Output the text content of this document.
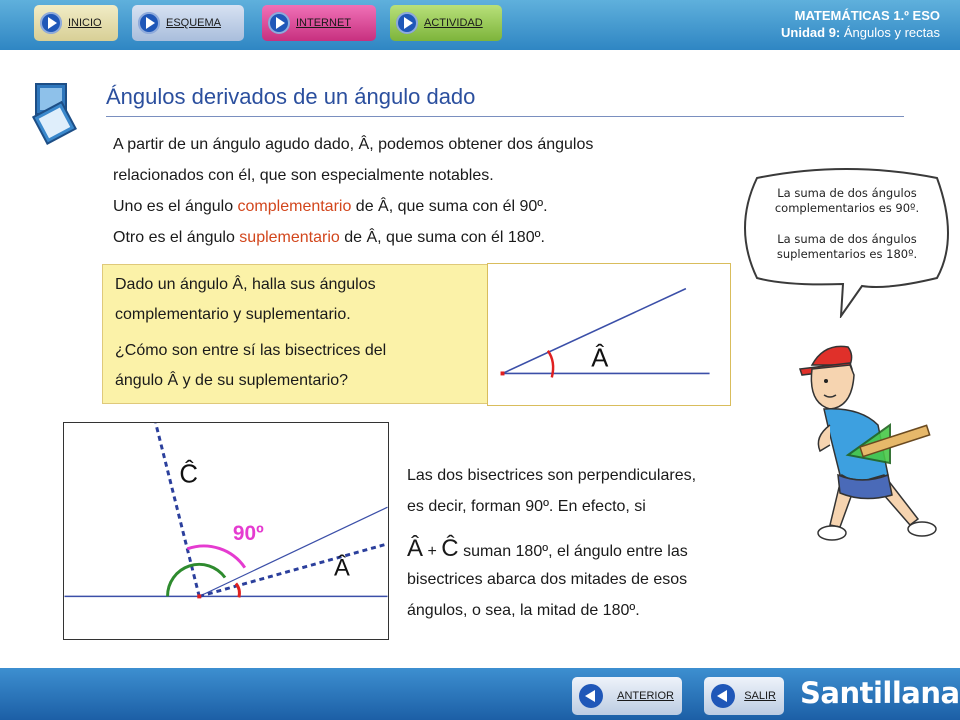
INICIO	ESQUEMA	INTERNET	ACTIVIDAD	MATEMÁTICAS 1.º ESO
Unidad 9: Ángulos y rectas
Ángulos derivados de un ángulo dado
A partir de un ángulo agudo dado, Â, podemos obtener dos ángulos
relacionados con él, que son especialmente notables.
Uno es el ángulo complementario de Â, que suma con él 90º.
Otro es el ángulo suplementario de Â, que suma con él 180º.
Dado un ángulo Â, halla sus ángulos
complementario y suplementario.
¿Cómo son entre sí las bisectrices del
ángulo Â y de su suplementario?
Â
La suma de dos ángulos
complementarios es 90º.
La suma de dos ángulos
suplementarios es 180º.
Ĉ
90º
Â
Las dos bisectrices son perpendiculares,
es decir, forman 90º. En efecto, si
Â + Ĉ suman 180º, el ángulo entre las
bisectrices abarca dos mitades de esos
ángulos, o sea, la mitad de 180º.
ANTERIOR	SALIR Santillana
